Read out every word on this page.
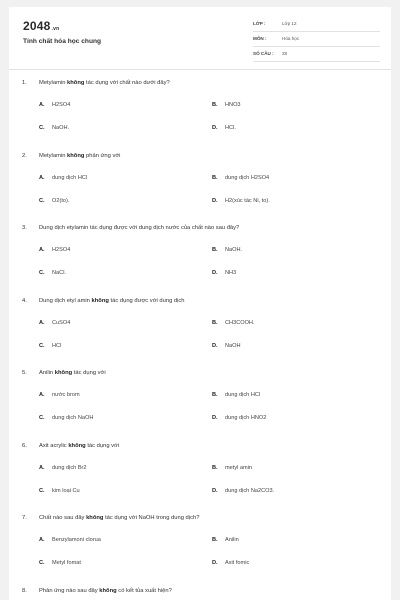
2048.vn
Tính chất hóa học chung
LỚP :	Lớp 12
MÔN :	Hóa học
SỐ CÂU : 28
1. Metylamin không tác dụng với chất nào dưới đây?
A. H2SO4	B. HNO3
C. NaOH.	D. HCl.
2. Metylamin không phản ứng với
A. dung dịch HCl	B. dung dịch H2SO4
C. O2(to).	D. H2(xúc tác Ni, to).
3. Dung dịch etylamin tác dụng được với dung dịch nước của chất nào sau đây?
A. H2SO4	B. NaOH.
C. NaCl.	D. NH3
4. Dung dịch etyl amin không tác dụng được với dung dịch
A. CuSO4	B. CH3COOH.
C. HCl	D. NaOH
5. Anilin không tác dụng với
A. nước brom	B. dung dịch HCl
C. dung dịch NaOH	D. dung dịch HNO2
6. Axit acrylic không tác dụng với
A. dung dịch Br2	B. metyl amin
C. kim loại Cu	D. dung dịch Na2CO3.
7. Chất nào sau đây không tác dụng với NaOH trong dung dịch?
A. Benzylamoni clorua	B. Anilin
C. Metyl fomat	D. Axit fomic
8. Phản ứng nào sau đây không có kết tủa xuất hiện?
